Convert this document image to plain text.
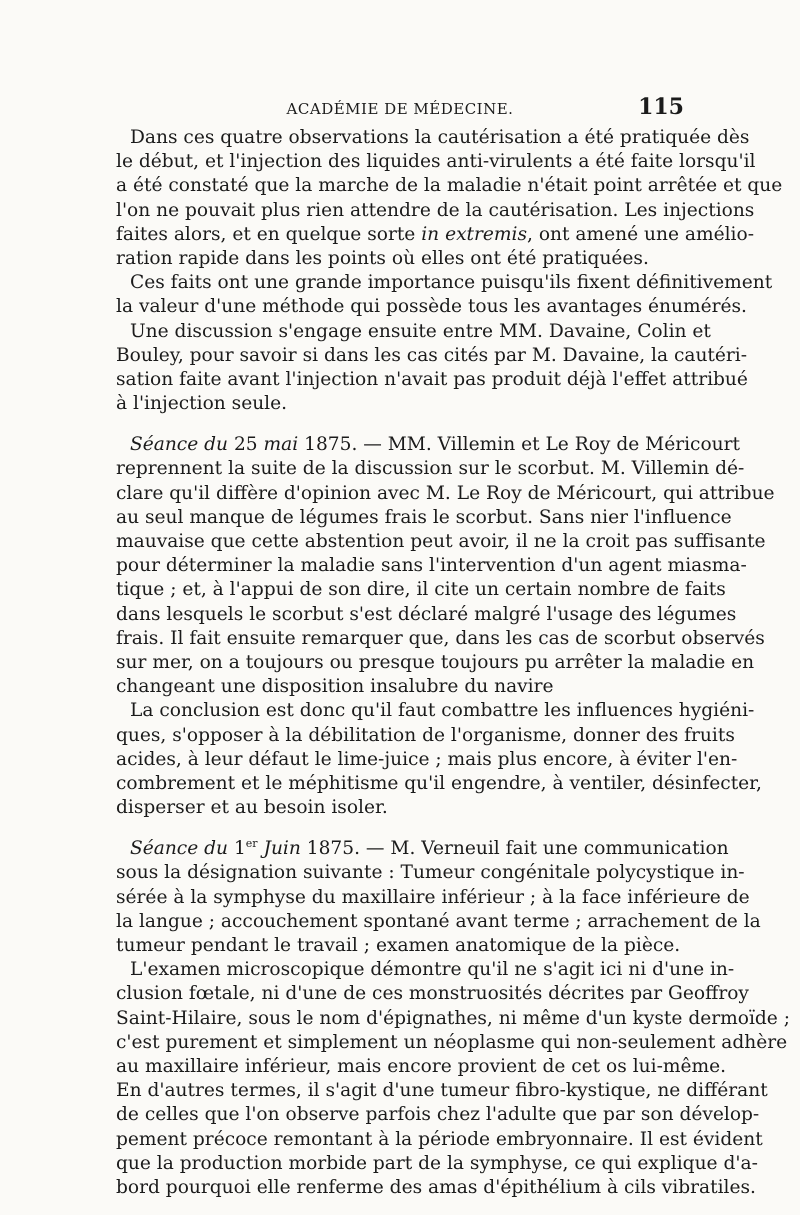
ACADÉMIE DE MÉDECINE.	115
Dans ces quatre observations la cautérisation a été pratiquée dès
le début, et l'injection des liquides anti-virulents a été faite lorsqu'il
a été constaté que la marche de la maladie n'était point arrêtée et que
l'on ne pouvait plus rien attendre de la cautérisation. Les injections
faites alors, et en quelque sorte in extremis, ont amené une amélio-
ration rapide dans les points où elles ont été pratiquées.
Ces faits ont une grande importance puisqu'ils fixent définitivement
la valeur d'une méthode qui possède tous les avantages énumérés.
Une discussion s'engage ensuite entre MM. Davaine, Colin et
Bouley, pour savoir si dans les cas cités par M. Davaine, la cautéri-
sation faite avant l'injection n'avait pas produit déjà l'effet attribué
à l'injection seule.
Séance du 25 mai 1875. — MM. Villemin et Le Roy de Méricourt
reprennent la suite de la discussion sur le scorbut. M. Villemin dé-
clare qu'il diffère d'opinion avec M. Le Roy de Méricourt, qui attribue
au seul manque de légumes frais le scorbut. Sans nier l'influence
mauvaise que cette abstention peut avoir, il ne la croit pas suffisante
pour déterminer la maladie sans l'intervention d'un agent miasma-
tique ; et, à l'appui de son dire, il cite un certain nombre de faits
dans lesquels le scorbut s'est déclaré malgré l'usage des légumes
frais. Il fait ensuite remarquer que, dans les cas de scorbut observés
sur mer, on a toujours ou presque toujours pu arrêter la maladie en
changeant une disposition insalubre du navire
La conclusion est donc qu'il faut combattre les influences hygiéni-
ques, s'opposer à la débilitation de l'organisme, donner des fruits
acides, à leur défaut le lime-juice ; mais plus encore, à éviter l'en-
combrement et le méphitisme qu'il engendre, à ventiler, désinfecter,
disperser et au besoin isoler.
Séance du 1er Juin 1875. — M. Verneuil fait une communication
sous la désignation suivante : Tumeur congénitale polycystique in-
sérée à la symphyse du maxillaire inférieur ; à la face inférieure de
la langue ; accouchement spontané avant terme ; arrachement de la
tumeur pendant le travail ; examen anatomique de la pièce.
L'examen microscopique démontre qu'il ne s'agit ici ni d'une in-
clusion fœtale, ni d'une de ces monstruosités décrites par Geoffroy
Saint-Hilaire, sous le nom d'épignathes, ni même d'un kyste dermoïde ;
c'est purement et simplement un néoplasme qui non-seulement adhère
au maxillaire inférieur, mais encore provient de cet os lui-même.
En d'autres termes, il s'agit d'une tumeur fibro-kystique, ne différant
de celles que l'on observe parfois chez l'adulte que par son dévelop-
pement précoce remontant à la période embryonnaire. Il est évident
que la production morbide part de la symphyse, ce qui explique d'a-
bord pourquoi elle renferme des amas d'épithélium à cils vibratiles.
